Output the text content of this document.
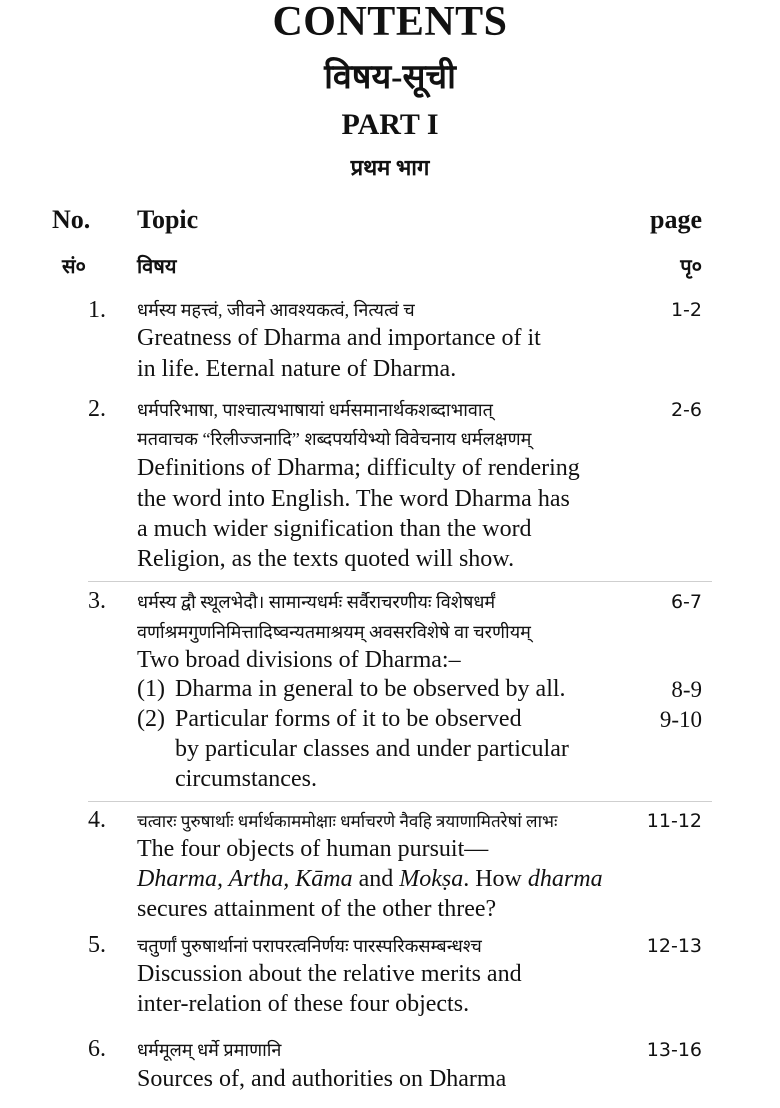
CONTENTS
विषय-सूची
PART I
प्रथम भाग
No. Topic	page
सं०	विषय	पृ०
1. धर्मस्य महत्त्वं, जीवने आवश्यकत्वं, नित्यत्वं च	1-2
Greatness of Dharma and importance of it
in life. Eternal nature of Dharma.
2. धर्मपरिभाषा, पाश्चात्यभाषायां धर्मसमानार्थकशब्दाभावात्	2-6
मतवाचक “रिलीज्जनादि” शब्दपर्यायेभ्यो विवेचनाय धर्मलक्षणम्
Definitions of Dharma; difficulty of rendering
the word into English. The word Dharma has
a much wider signification than the word
Religion, as the texts quoted will show.
3. धर्मस्य द्वौ स्थूलभेदौ। सामान्यधर्मः सर्वैराचरणीयः विशेषधर्मं	6-7
वर्णाश्रमगुणनिमित्तादिष्वन्यतमाश्रयम् अवसरविशेषे वा चरणीयम्
Two broad divisions of Dharma:–
(1) Dharma in general to be observed by all.	8-9
(2) Particular forms of it to be observed	9-10
by particular classes and under particular
circumstances.
4. चत्वारः पुरुषार्थाः धर्मार्थकाममोक्षाः धर्माचरणे नैवहि त्रयाणामितरेषां लाभः	11-12
The four objects of human pursuit—
Dharma, Artha, Kāma and Mokṣa. How dharma
secures attainment of the other three?
5. चतुर्णां पुरुषार्थानां परापरत्वनिर्णयः पारस्परिकसम्बन्धश्च	12-13
Discussion about the relative merits and
inter-relation of these four objects.
6. धर्ममूलम् धर्मे प्रमाणानि	13-16
Sources of, and authorities on Dharma
